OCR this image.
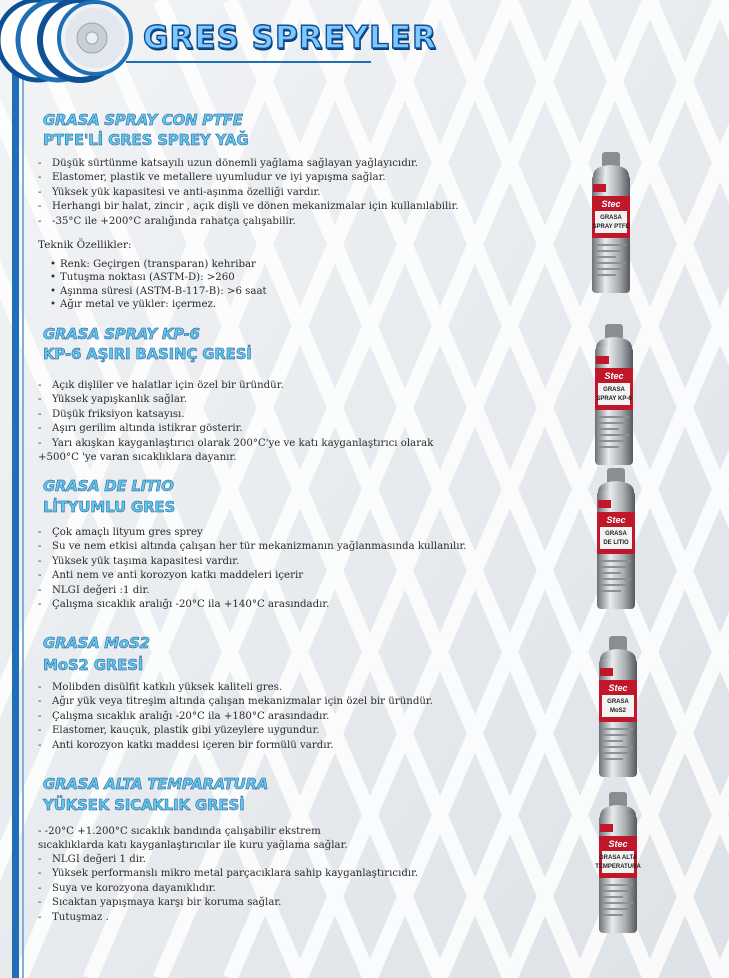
GRES SPREYLER
GRASA SPRAY CON PTFE
PTFE'Lİ GRES SPREY YAĞ
- Düşük sürtünme katsayılı uzun dönemli yağlama sağlayan yağlayıcıdır.
- Elastomer, plastik ve metallere uyumludur ve iyi yapışma sağlar.
- Yüksek yük kapasitesi ve anti-aşınma özelliği vardır.
- Herhangi bir halat, zincir , açık dişli ve dönen mekanizmalar için kullanılabilir.
- -35°C ile +200°C aralığında rahatça çalışabilir.
Teknik Özellikler:
• Renk: Geçirgen (transparan) kehribar
• Tutuşma noktası (ASTM-D): >260
• Aşınma süresi (ASTM-B-117-B): >6 saat
• Ağır metal ve yükler: içermez.
GRASA SPRAY KP-6
KP-6 AŞIRI BASINÇ GRESİ
- Açık dişliler ve halatlar için özel bir üründür.
- Yüksek yapışkanlık sağlar.
- Düşük friksiyon katsayısı.
- Aşırı gerilim altında istikrar gösterir.
- Yarı akışkan kayganlaştırıcı olarak 200°C'ye ve katı kayganlaştırıcı olarak
+500°C 'ye varan sıcaklıklara dayanır.
GRASA DE LITIO
LİTYUMLU GRES
- Çok amaçlı lityum gres sprey
- Su ve nem etkisi altında çalışan her tür mekanizmanın yağlanmasında kullanılır.
- Yüksek yük taşıma kapasitesi vardır.
- Anti nem ve anti korozyon katkı maddeleri içerir
- NLGI değeri :1 dir.
- Çalışma sıcaklık aralığı -20°C ila +140°C arasındadır.
GRASA MoS2
MoS2 GRESİ
- Molibden disülfit katkılı yüksek kaliteli gres.
- Ağır yük veya titreşim altında çalışan mekanizmalar için özel bir üründür.
- Çalışma sıcaklık aralığı -20°C ila +180°C arasındadır.
- Elastomer, kauçuk, plastik gibi yüzeylere uygundur.
- Anti korozyon katkı maddesi içeren bir formülü vardır.
GRASA ALTA TEMPARATURA
YÜKSEK SICAKLIK GRESİ
- -20°C +1.200°C sıcaklık bandında çalışabilir ekstrem
sıcaklıklarda katı kayganlaştırıcılar ile kuru yağlama sağlar.
- NLGI değeri 1 dir.
- Yüksek performanslı mikro metal parçacıklara sahip kayganlaştırıcıdır.
- Suya ve korozyona dayanıklıdır.
- Sıcaktan yapışmaya karşı bir koruma sağlar.
- Tutuşmaz .
Stec
GRASA
SPRAY PTFE
Stec
GRASA
SPRAY KP-6
Stec
GRASA
DE LITIO
Stec
GRASA
MoS2
Stec
GRASA ALTA
TEMPERATURA
